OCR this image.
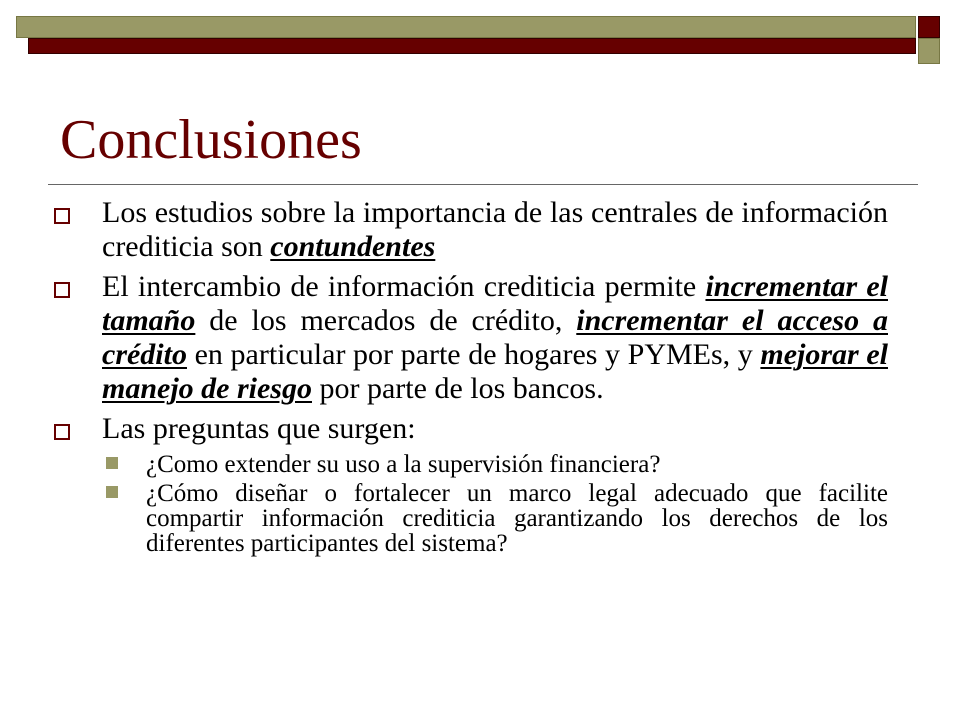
Conclusiones

Los estudios sobre la importancia de las centrales de información crediticia son contundentes

El intercambio de información crediticia permite incrementar el tamaño de los mercados de crédito, incrementar el acceso a crédito en particular por parte de hogares y PYMEs, y mejorar el manejo de riesgo por parte de los bancos.

Las preguntas que surgen:

¿Como extender su uso a la supervisión financiera?

¿Cómo diseñar o fortalecer un marco legal adecuado que facilite compartir información crediticia garantizando los derechos de los diferentes participantes del sistema?
